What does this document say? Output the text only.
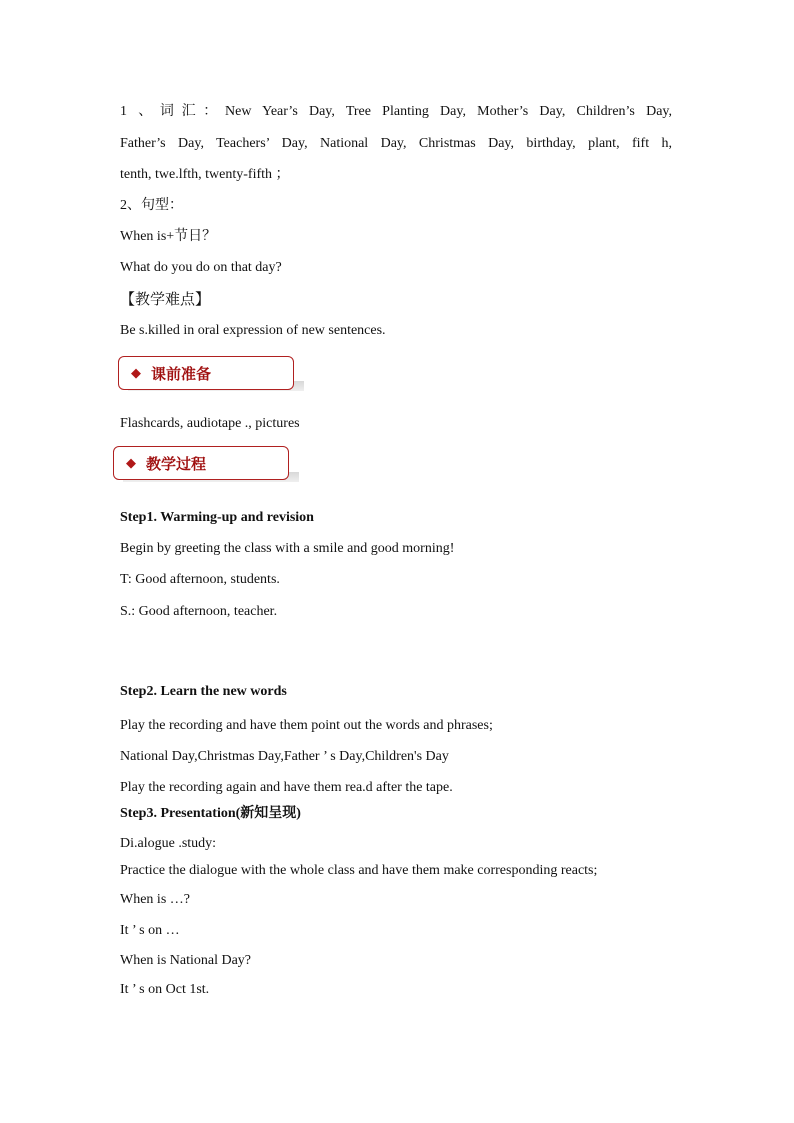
1 、词汇：New Year’s Day, Tree Planting Day, Mother’s Day, Children’s Day,
Father’s Day, Teachers’ Day, National Day, Christmas Day, birthday, plant, fift h,
tenth, twe.lfth, twenty-fifth ；
2、句型：
When is+节日？
What do you do on that day?
【教学难点】
Be s.killed in oral expression of new sentences.
◆ 课前准备
Flashcards, audiotape ., pictures
◆ 教学过程
Step1. Warming-up and revision
Begin by greeting the class with a smile and good morning!
T: Good afternoon, students.
S.: Good afternoon, teacher.
Step2. Learn the new words
Play the recording and have them point out the words and phrases;
National Day,Christmas Day,Father ’ s Day,Children's Day
Play the recording again and have them rea.d after the tape.
Step3. Presentation(新知呈现)
Di.alogue .study:
Practice the dialogue with the whole class and have them make corresponding reacts;
When is …?
It ’ s on …
When is National Day?
It ’ s on Oct 1st.
